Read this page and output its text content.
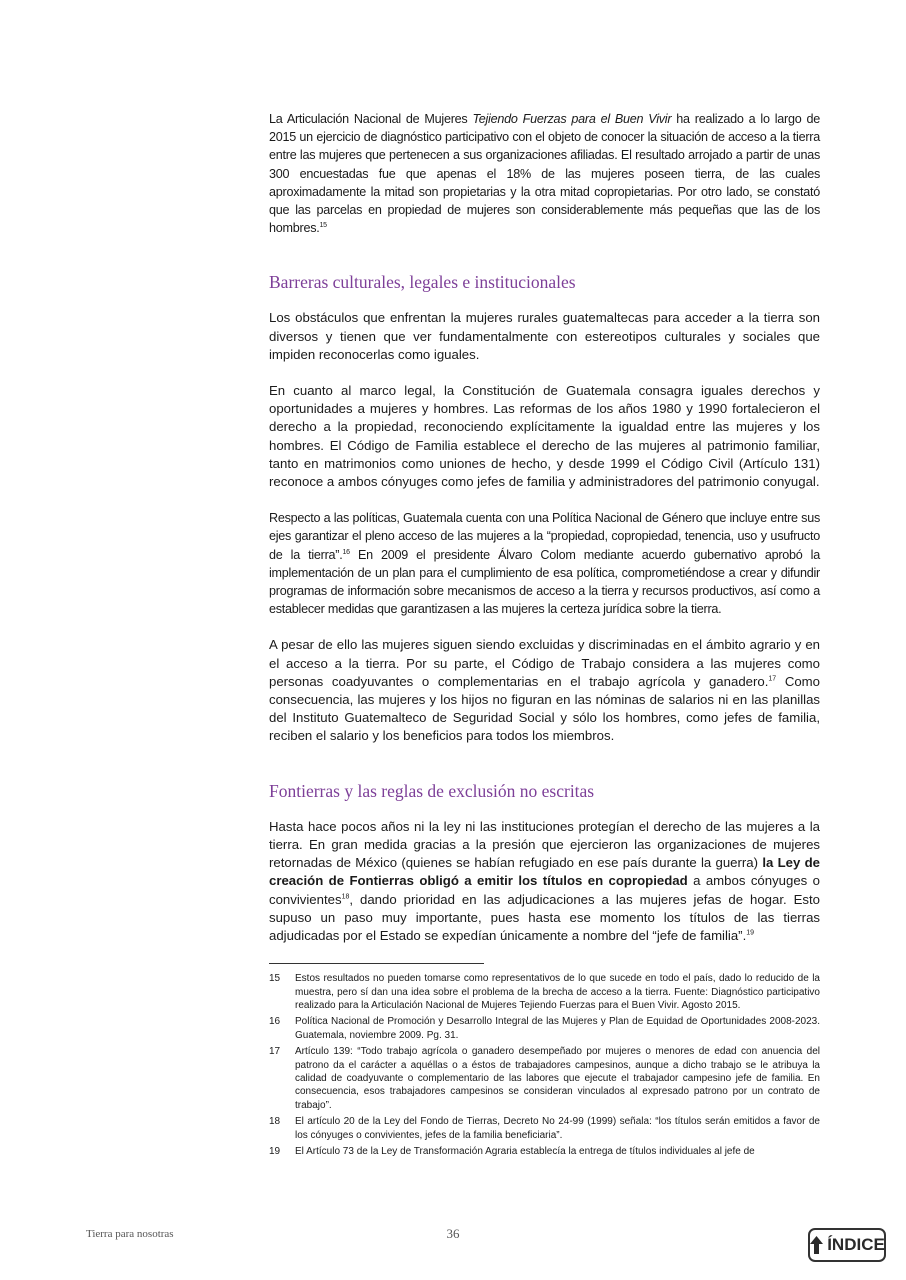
La Articulación Nacional de Mujeres Tejiendo Fuerzas para el Buen Vivir ha realizado a lo largo de 2015 un ejercicio de diagnóstico participativo con el objeto de conocer la situación de acceso a la tierra entre las mujeres que pertenecen a sus organizaciones afiliadas. El resultado arrojado a partir de unas 300 encuestadas fue que apenas el 18% de las mujeres poseen tierra, de las cuales aproximadamente la mitad son propietarias y la otra mitad copropietarias. Por otro lado, se constató que las parcelas en propiedad de mujeres son considerablemente más pequeñas que las de los hombres.$^{15}$

Barreras culturales, legales e institucionales

Los obstáculos que enfrentan la mujeres rurales guatemaltecas para acceder a la tierra son diversos y tienen que ver fundamentalmente con estereotipos culturales y sociales que impiden reconocerlas como iguales.

En cuanto al marco legal, la Constitución de Guatemala consagra iguales derechos y oportunidades a mujeres y hombres. Las reformas de los años 1980 y 1990 fortalecieron el derecho a la propiedad, reconociendo explícitamente la igualdad entre las mujeres y los hombres. El Código de Familia establece el derecho de las mujeres al patrimonio familiar, tanto en matrimonios como uniones de hecho, y desde 1999 el Código Civil (Artículo 131) reconoce a ambos cónyuges como jefes de familia y administradores del patrimonio conyugal.

Respecto a las políticas, Guatemala cuenta con una Política Nacional de Género que incluye entre sus ejes garantizar el pleno acceso de las mujeres a la “propiedad, copropiedad, tenencia, uso y usufructo de la tierra”.$^{16}$ En 2009 el presidente Álvaro Colom mediante acuerdo gubernativo aprobó la implementación de un plan para el cumplimiento de esa política, comprometiéndose a crear y difundir programas de información sobre mecanismos de acceso a la tierra y recursos productivos, así como a establecer medidas que garantizasen a las mujeres la certeza jurídica sobre la tierra.

A pesar de ello las mujeres siguen siendo excluidas y discriminadas en el ámbito agrario y en el acceso a la tierra. Por su parte, el Código de Trabajo considera a las mujeres como personas coadyuvantes o complementarias en el trabajo agrícola y ganadero.$^{17}$ Como consecuencia, las mujeres y los hijos no figuran en las nóminas de salarios ni en las planillas del Instituto Guatemalteco de Seguridad Social y sólo los hombres, como jefes de familia, reciben el salario y los beneficios para todos los miembros.

Fontierras y las reglas de exclusión no escritas

Hasta hace pocos años ni la ley ni las instituciones protegían el derecho de las mujeres a la tierra. En gran medida gracias a la presión que ejercieron las organizaciones de mujeres retornadas de México (quienes se habían refugiado en ese país durante la guerra) la Ley de creación de Fontierras obligó a emitir los títulos en copropiedad a ambos cónyuges o convivientes$^{18}$, dando prioridad en las adjudicaciones a las mujeres jefas de hogar. Esto supuso un paso muy importante, pues hasta ese momento los títulos de las tierras adjudicadas por el Estado se expedían únicamente a nombre del “jefe de familia”.$^{19}$

15	Estos resultados no pueden tomarse como representativos de lo que sucede en todo el país, dado lo reducido de la muestra, pero sí dan una idea sobre el problema de la brecha de acceso a la tierra. Fuente: Diagnóstico participativo realizado para la Articulación Nacional de Mujeres Tejiendo Fuerzas para el Buen Vivir. Agosto 2015.
16	Política Nacional de Promoción y Desarrollo Integral de las Mujeres y Plan de Equidad de Oportunidades 2008-2023. Guatemala, noviembre 2009. Pg. 31.
17	Artículo 139: “Todo trabajo agrícola o ganadero desempeñado por mujeres o menores de edad con anuencia del patrono da el carácter a aquéllas o a éstos de trabajadores campesinos, aunque a dicho trabajo se le atribuya la calidad de coadyuvante o complementario de las labores que ejecute el trabajador campesino jefe de familia. En consecuencia, esos trabajadores campesinos se consideran vinculados al expresado patrono por un contrato de trabajo”.
18	El artículo 20 de la Ley del Fondo de Tierras, Decreto No 24-99 (1999) señala: “los títulos serán emitidos a favor de los cónyuges o convivientes, jefes de la familia beneficiaria”.
19	El Artículo 73 de la Ley de Transformación Agraria establecía la entrega de títulos individuales al jefe de
Tierra para nosotras	36
ÍNDICE
